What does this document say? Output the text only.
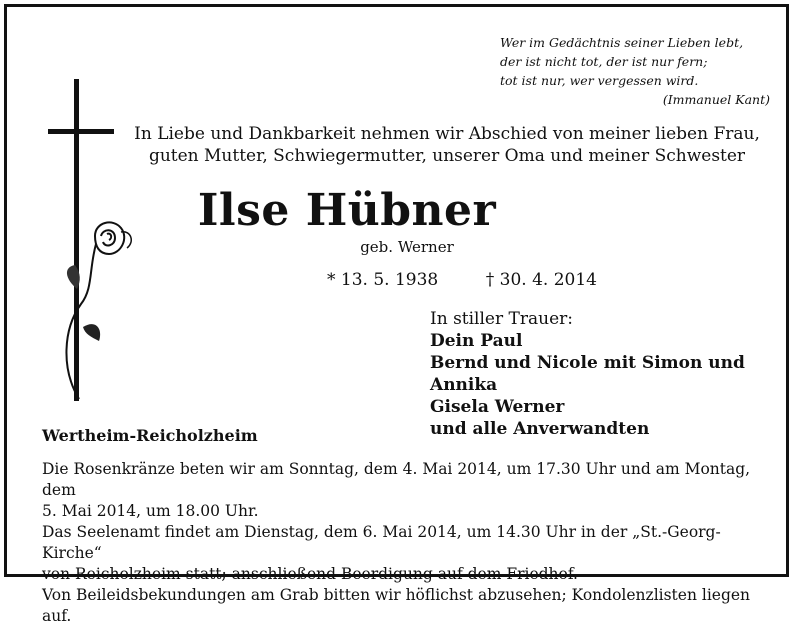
Wer im Gedächtnis seiner Lieben lebt,
der ist nicht tot, der ist nur fern;
tot ist nur, wer vergessen wird.
(Immanuel Kant)
In Liebe und Dankbarkeit nehmen wir Abschied von meiner lieben Frau,
guten Mutter, Schwiegermutter, unserer Oma und meiner Schwester
Ilse Hübner
geb. Werner
* 13. 5. 1938	† 30. 4. 2014
In stiller Trauer:
Dein Paul
Bernd und Nicole mit Simon und Annika
Gisela Werner
und alle Anverwandten
Wertheim-Reicholzheim

Die Rosenkränze beten wir am Sonntag, dem 4. Mai 2014, um 17.30 Uhr und am Montag, dem

5. Mai 2014, um 18.00 Uhr.

Das Seelenamt findet am Dienstag, dem 6. Mai 2014, um 14.30 Uhr in der „St.-Georg-Kirche“

von Reicholzheim statt; anschließend Beerdigung auf dem Friedhof.

Von Beileidsbekundungen am Grab bitten wir höflichst abzusehen; Kondolenzlisten liegen auf.
